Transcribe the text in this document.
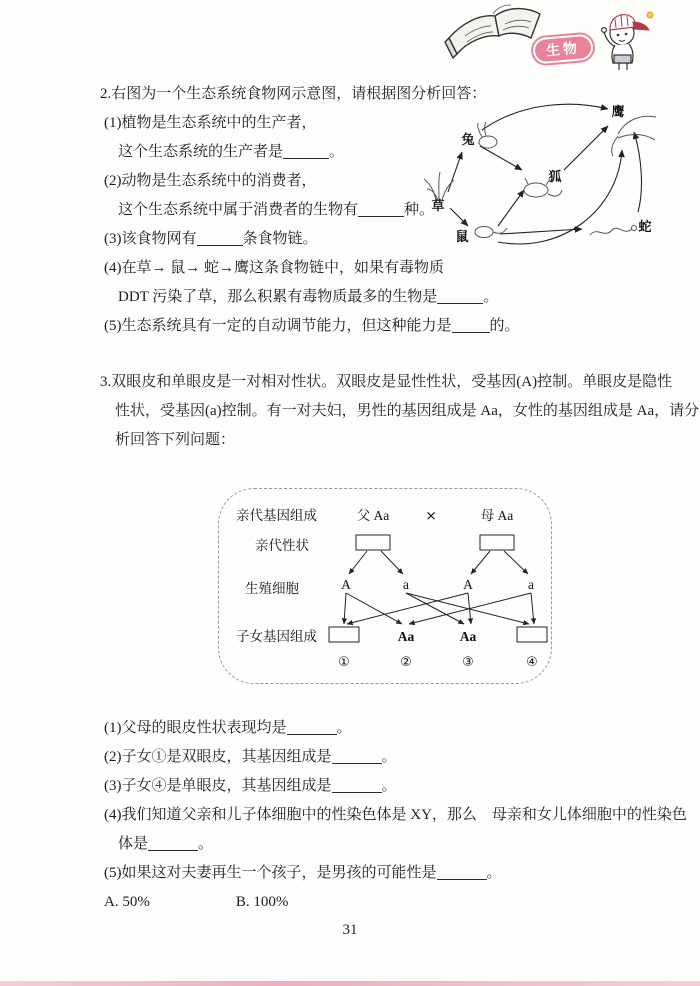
生物
2.右图为一个生态系统食物网示意图，请根据图分析回答：
(1)植物是生态系统中的生产者，
这个生态系统的生产者是	。
(2)动物是生态系统中的消费者，
这个生态系统中属于消费者的生物有	种。
(3)该食物网有	条食物链。
(4)在草→ 鼠→ 蛇→鹰这条食物链中，如果有毒物质
DDT 污染了草，那么积累有毒物质最多的生物是	。
(5)生态系统具有一定的自动调节能力，但这种能力是	的。
草
兔
狐
鹰
鼠
蛇
3.双眼皮和单眼皮是一对相对性状。双眼皮是显性性状，受基因(A)控制。单眼皮是隐性
性状，受基因(a)控制。有一对夫妇，男性的基因组成是 Aa，女性的基因组成是 Aa，请分
析回答下列问题：
亲代基因组成
亲代性状
生殖细胞
子女基因组成
父 Aa	×	母 Aa
A	a	A	a
Aa	Aa
①	②	③	④
(1)父母的眼皮性状表现均是	。
(2)子女①是双眼皮，其基因组成是	。
(3)子女④是单眼皮，其基因组成是	。
(4)我们知道父亲和儿子体细胞中的性染色体是 XY，那么　母亲和女儿体细胞中的性染色
体是	。
(5)如果这对夫妻再生一个孩子，是男孩的可能性是	。
A. 50%	B. 100%
31
